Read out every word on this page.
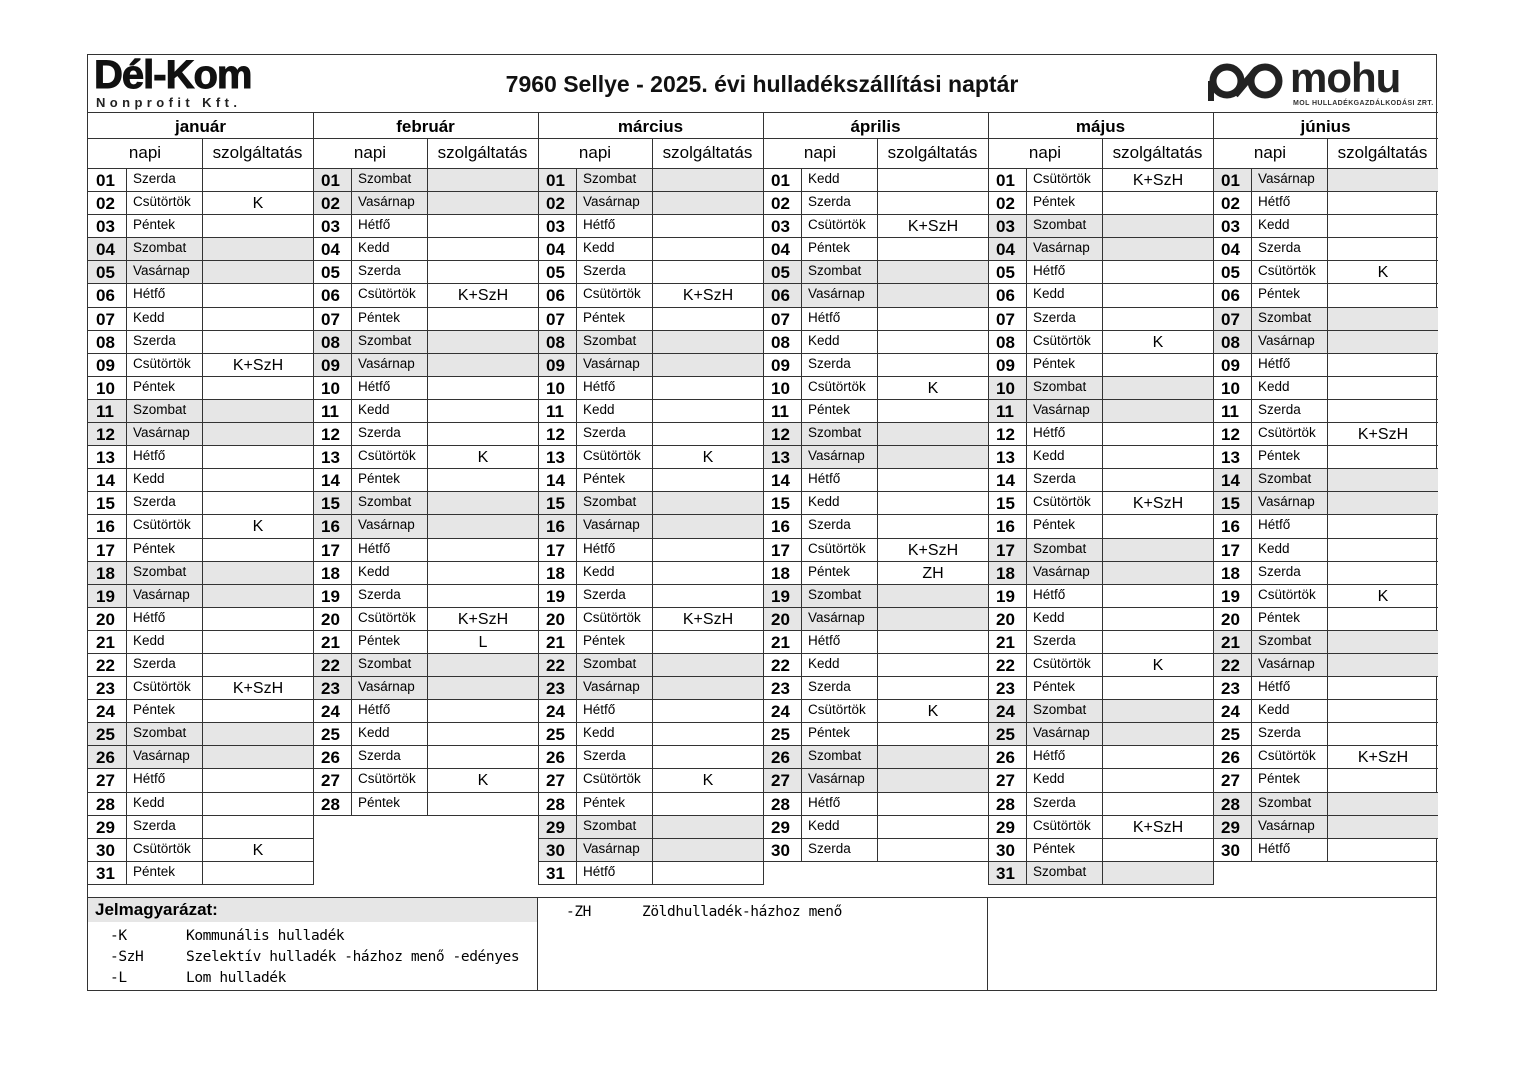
Dél-Kom
Nonprofit Kft.
7960 Sellye - 2025. évi hulladékszállítási naptár	mohu
MOL HULLADÉKGAZDÁLKODÁSI ZRT.
január
napi	szolgáltatás
01	Szerda
02	Csütörtök	K
03	Péntek
04	Szombat
05	Vasárnap
06	Hétfő
07	Kedd
08	Szerda
09	Csütörtök	K+SzH
10	Péntek
11	Szombat
12	Vasárnap
13	Hétfő
14	Kedd
15	Szerda
16	Csütörtök	K
17	Péntek
18	Szombat
19	Vasárnap
20	Hétfő
21	Kedd
22	Szerda
23	Csütörtök	K+SzH
24	Péntek
25	Szombat
26	Vasárnap
27	Hétfő
28	Kedd
29	Szerda
30	Csütörtök	K
31	Péntek
február
napi	szolgáltatás
01	Szombat
02	Vasárnap
03	Hétfő
04	Kedd
05	Szerda
06	Csütörtök	K+SzH
07	Péntek
08	Szombat
09	Vasárnap
10	Hétfő
11	Kedd
12	Szerda
13	Csütörtök	K
14	Péntek
15	Szombat
16	Vasárnap
17	Hétfő
18	Kedd
19	Szerda
20	Csütörtök	K+SzH
21	Péntek	L
22	Szombat
23	Vasárnap
24	Hétfő
25	Kedd
26	Szerda
27	Csütörtök	K
28	Péntek
március
napi	szolgáltatás
01	Szombat
02	Vasárnap
03	Hétfő
04	Kedd
05	Szerda
06	Csütörtök	K+SzH
07	Péntek
08	Szombat
09	Vasárnap
10	Hétfő
11	Kedd
12	Szerda
13	Csütörtök	K
14	Péntek
15	Szombat
16	Vasárnap
17	Hétfő
18	Kedd
19	Szerda
20	Csütörtök	K+SzH
21	Péntek
22	Szombat
23	Vasárnap
24	Hétfő
25	Kedd
26	Szerda
27	Csütörtök	K
28	Péntek
29	Szombat
30	Vasárnap
31	Hétfő
április
napi	szolgáltatás
01	Kedd
02	Szerda
03	Csütörtök	K+SzH
04	Péntek
05	Szombat
06	Vasárnap
07	Hétfő
08	Kedd
09	Szerda
10	Csütörtök	K
11	Péntek
12	Szombat
13	Vasárnap
14	Hétfő
15	Kedd
16	Szerda
17	Csütörtök	K+SzH
18	Péntek	ZH
19	Szombat
20	Vasárnap
21	Hétfő
22	Kedd
23	Szerda
24	Csütörtök	K
25	Péntek
26	Szombat
27	Vasárnap
28	Hétfő
29	Kedd
30	Szerda
május
napi	szolgáltatás
01	Csütörtök	K+SzH
02	Péntek
03	Szombat
04	Vasárnap
05	Hétfő
06	Kedd
07	Szerda
08	Csütörtök	K
09	Péntek
10	Szombat
11	Vasárnap
12	Hétfő
13	Kedd
14	Szerda
15	Csütörtök	K+SzH
16	Péntek
17	Szombat
18	Vasárnap
19	Hétfő
20	Kedd
21	Szerda
22	Csütörtök	K
23	Péntek
24	Szombat
25	Vasárnap
26	Hétfő
27	Kedd
28	Szerda
29	Csütörtök	K+SzH
30	Péntek
31	Szombat
június
napi	szolgáltatás
01	Vasárnap
02	Hétfő
03	Kedd
04	Szerda
05	Csütörtök	K
06	Péntek
07	Szombat
08	Vasárnap
09	Hétfő
10	Kedd
11	Szerda
12	Csütörtök	K+SzH
13	Péntek
14	Szombat
15	Vasárnap
16	Hétfő
17	Kedd
18	Szerda
19	Csütörtök	K
20	Péntek
21	Szombat
22	Vasárnap
23	Hétfő
24	Kedd
25	Szerda
26	Csütörtök	K+SzH
27	Péntek
28	Szombat
29	Vasárnap
30	Hétfő
Jelmagyarázat:
-K	Kommunális hulladék
-SzH	Szelektív hulladék -házhoz menő -edényes
-L	Lom hulladék
-ZH	Zöldhulladék-házhoz menő
